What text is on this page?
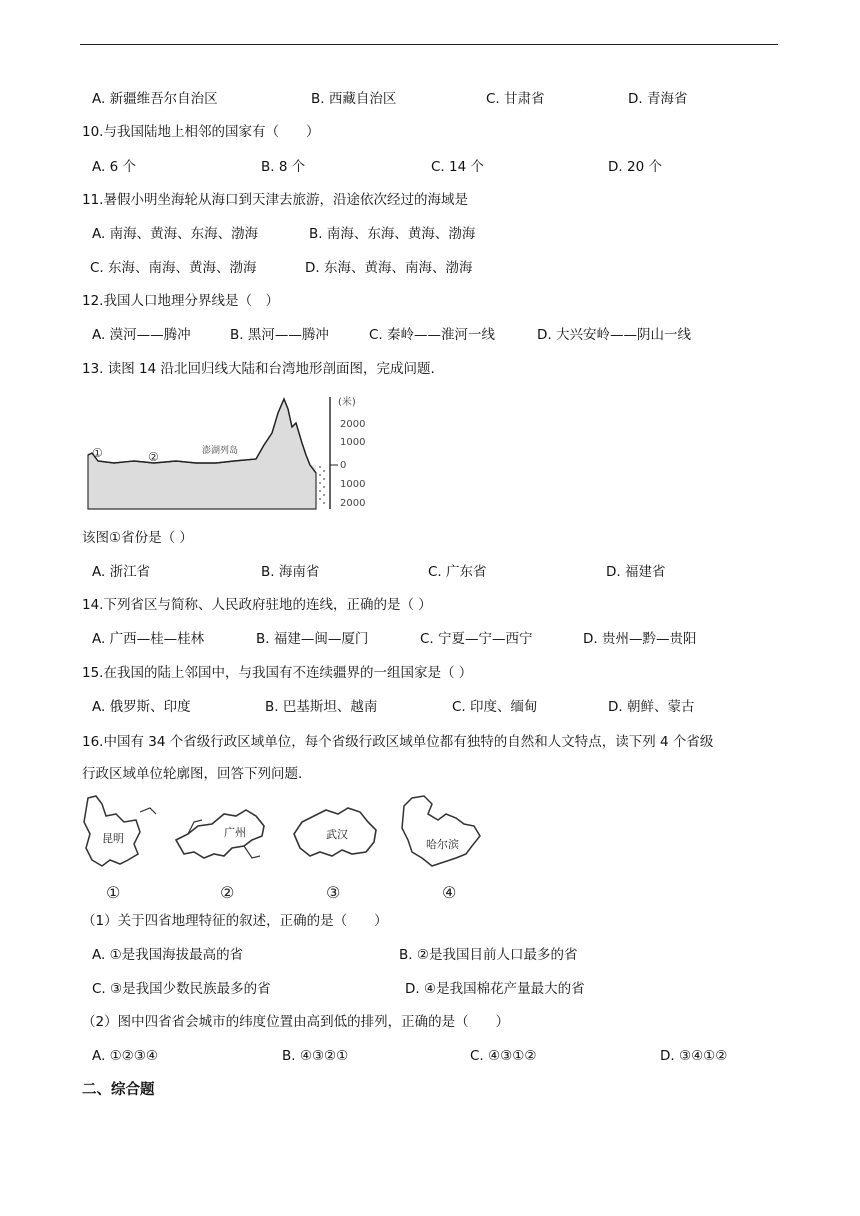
A. 新疆维吾尔自治区	B. 西藏自治区	C. 甘肃省	D. 青海省
10.与我国陆地上相邻的国家有（　　）
A. 6 个	B. 8 个	C. 14 个	D. 20 个
11.暑假小明坐海轮从海口到天津去旅游，沿途依次经过的海域是
A. 南海、黄海、东海、渤海	B. 南海、东海、黄海、渤海
C. 东海、南海、黄海、渤海	D. 东海、黄海、南海、渤海
12.我国人口地理分界线是（　）
A. 漠河——腾冲	B. 黑河——腾冲	C. 秦岭——淮河一线	D. 大兴安岭——阴山一线
13. 读图 14 沿北回归线大陆和台湾地形剖面图，完成问题.
(米)
2000
1000
0
1000
2000
澎湖列岛
①	②
该图①省份是（ ）
A. 浙江省	B. 海南省	C. 广东省	D. 福建省
14.下列省区与简称、人民政府驻地的连线，正确的是（ ）
A. 广西—桂—桂林	B. 福建—闽—厦门	C. 宁夏—宁—西宁	D. 贵州—黔—贵阳
15.在我国的陆上邻国中，与我国有不连续疆界的一组国家是（ ）
A. 俄罗斯、印度	B. 巴基斯坦、越南	C. 印度、缅甸	D. 朝鲜、蒙古
16.中国有 34 个省级行政区域单位，每个省级行政区域单位都有独特的自然和人文特点，读下列 4 个省级
行政区域单位轮廓图，回答下列问题.
昆明
①
广州
②
武汉
③
哈尔滨
④
（1）关于四省地理特征的叙述，正确的是（　　）
A. ①是我国海拔最高的省	B. ②是我国目前人口最多的省
C. ③是我国少数民族最多的省	D. ④是我国棉花产量最大的省
（2）图中四省省会城市的纬度位置由高到低的排列，正确的是（　　）
A. ①②③④	B. ④③②①	C. ④③①②	D. ③④①②
二、综合题
